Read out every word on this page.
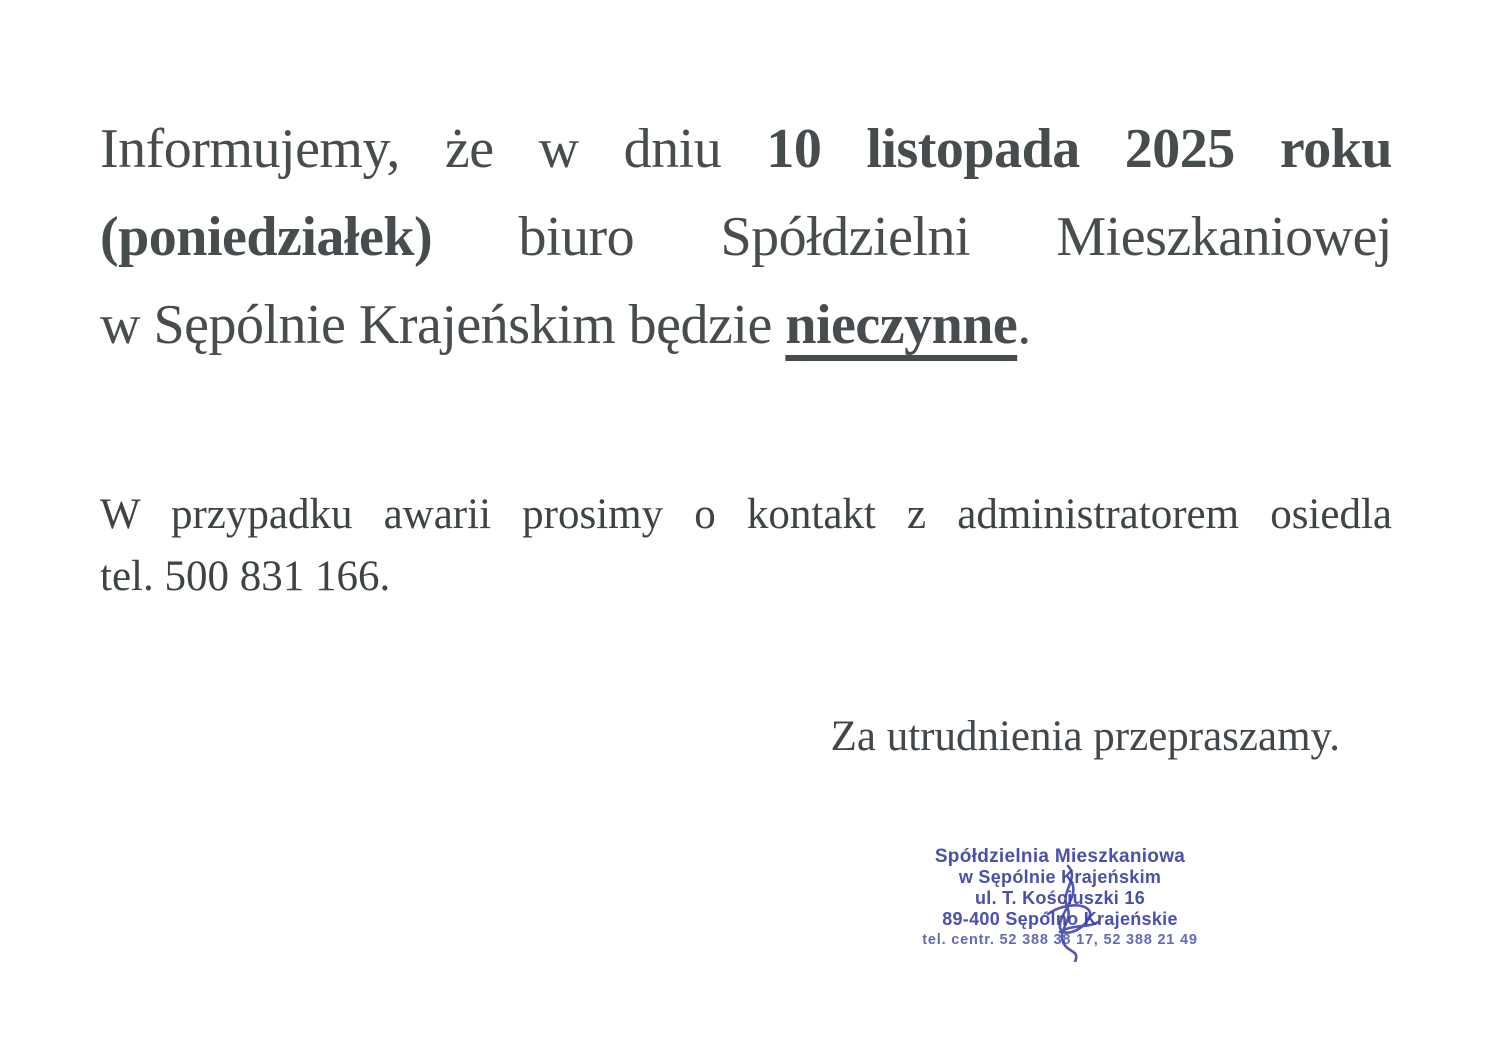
Informujemy, że w dniu 10 listopada 2025 roku
(poniedziałek) biuro Spółdzielni Mieszkaniowej
w Sępólnie Krajeńskim będzie nieczynne.
W przypadku awarii prosimy o kontakt z administratorem osiedla
tel. 500 831 166.
Za utrudnienia przepraszamy.
Spółdzielnia Mieszkaniowa
w Sępólnie Krajeńskim
ul. T. Kościuszki 16
89-400 Sępólno Krajeńskie
tel. centr. 52 388 38 17, 52 388 21 49
